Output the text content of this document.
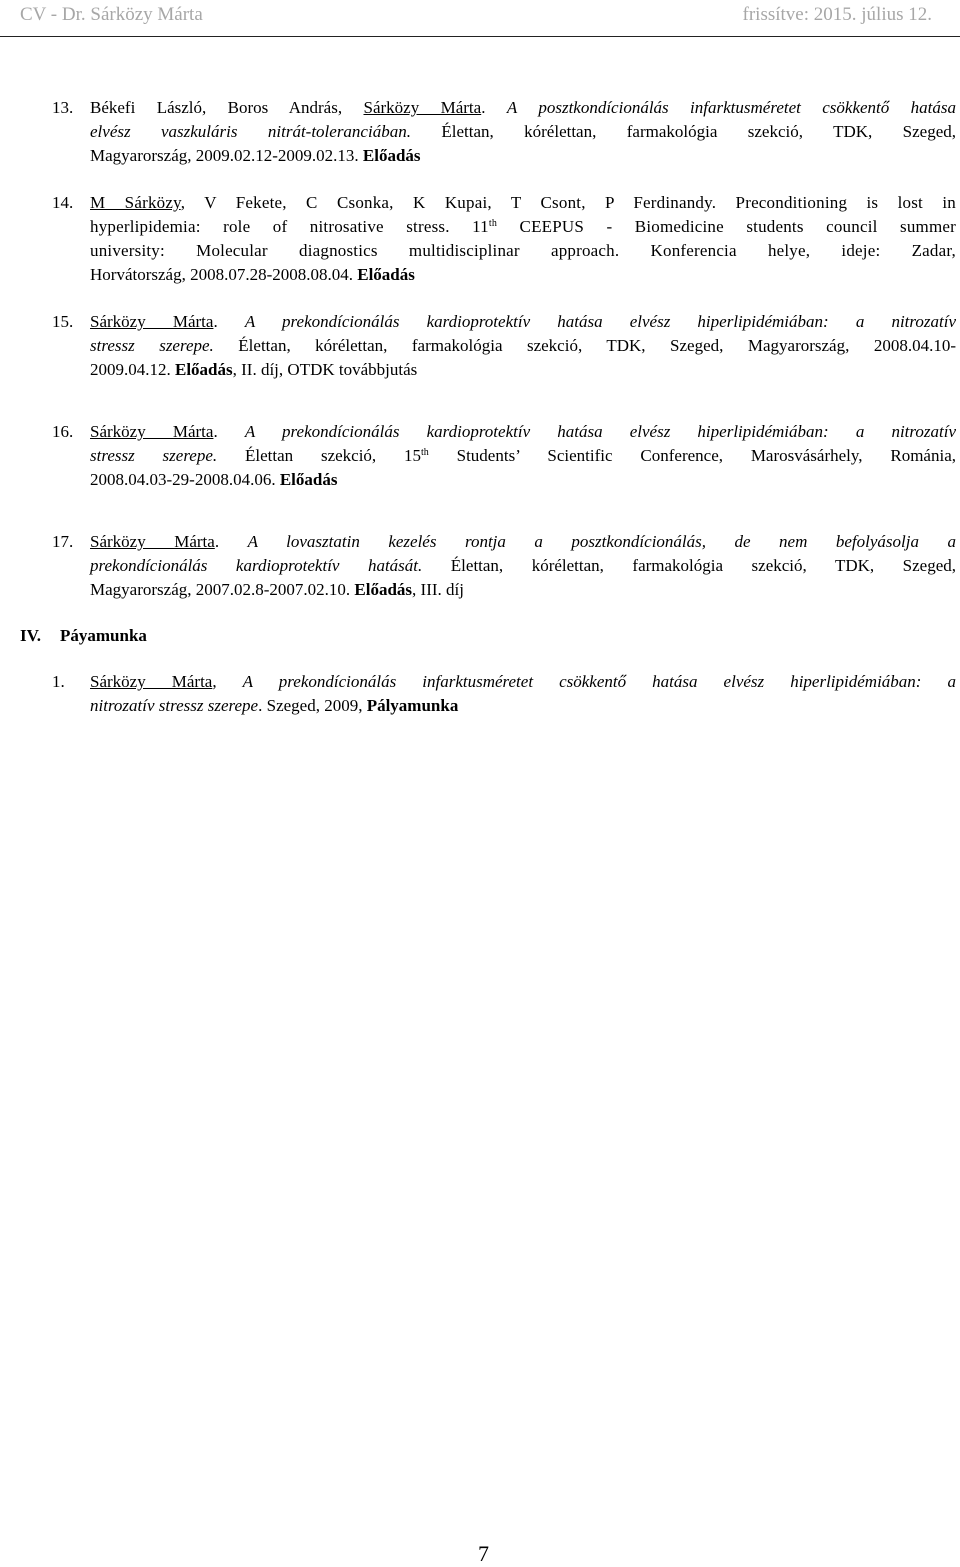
CV - Dr. Sárközy Márta	frissítve: 2015. július 12.
13. Békefi László, Boros András, Sárközy Márta. A posztkondícionálás infarktusméretet csökkentő hatása
elvész vaszkuláris nitrát-toleranciában. Élettan, kórélettan, farmakológia szekció, TDK, Szeged,
Magyarország, 2009.02.12-2009.02.13. Előadás
14. M Sárközy, V Fekete, C Csonka, K Kupai, T Csont, P Ferdinandy. Preconditioning is lost in
hyperlipidemia: role of nitrosative stress. 11th CEEPUS - Biomedicine students council summer
university: Molecular diagnostics multidisciplinar approach. Konferencia helye, ideje: Zadar,
Horvátország, 2008.07.28-2008.08.04. Előadás
15. Sárközy Márta. A prekondícionálás kardioprotektív hatása elvész hiperlipidémiában: a nitrozatív
stressz szerepe. Élettan, kórélettan, farmakológia szekció, TDK, Szeged, Magyarország, 2008.04.10-
2009.04.12. Előadás, II. díj, OTDK továbbjutás
16. Sárközy Márta. A prekondícionálás kardioprotektív hatása elvész hiperlipidémiában: a nitrozatív
stressz szerepe. Élettan szekció, 15th Students’ Scientific Conference, Marosvásárhely, Románia,
2008.04.03-29-2008.04.06. Előadás
17. Sárközy Márta. A lovasztatin kezelés rontja a posztkondícionálás, de nem befolyásolja a
prekondícionálás kardioprotektív hatását. Élettan, kórélettan, farmakológia szekció, TDK, Szeged,
Magyarország, 2007.02.8-2007.02.10. Előadás, III. díj
IV. Páyamunka
1. Sárközy Márta, A prekondícionálás infarktusméretet csökkentő hatása elvész hiperlipidémiában: a
nitrozatív stressz szerepe. Szeged, 2009, Pályamunka
7
